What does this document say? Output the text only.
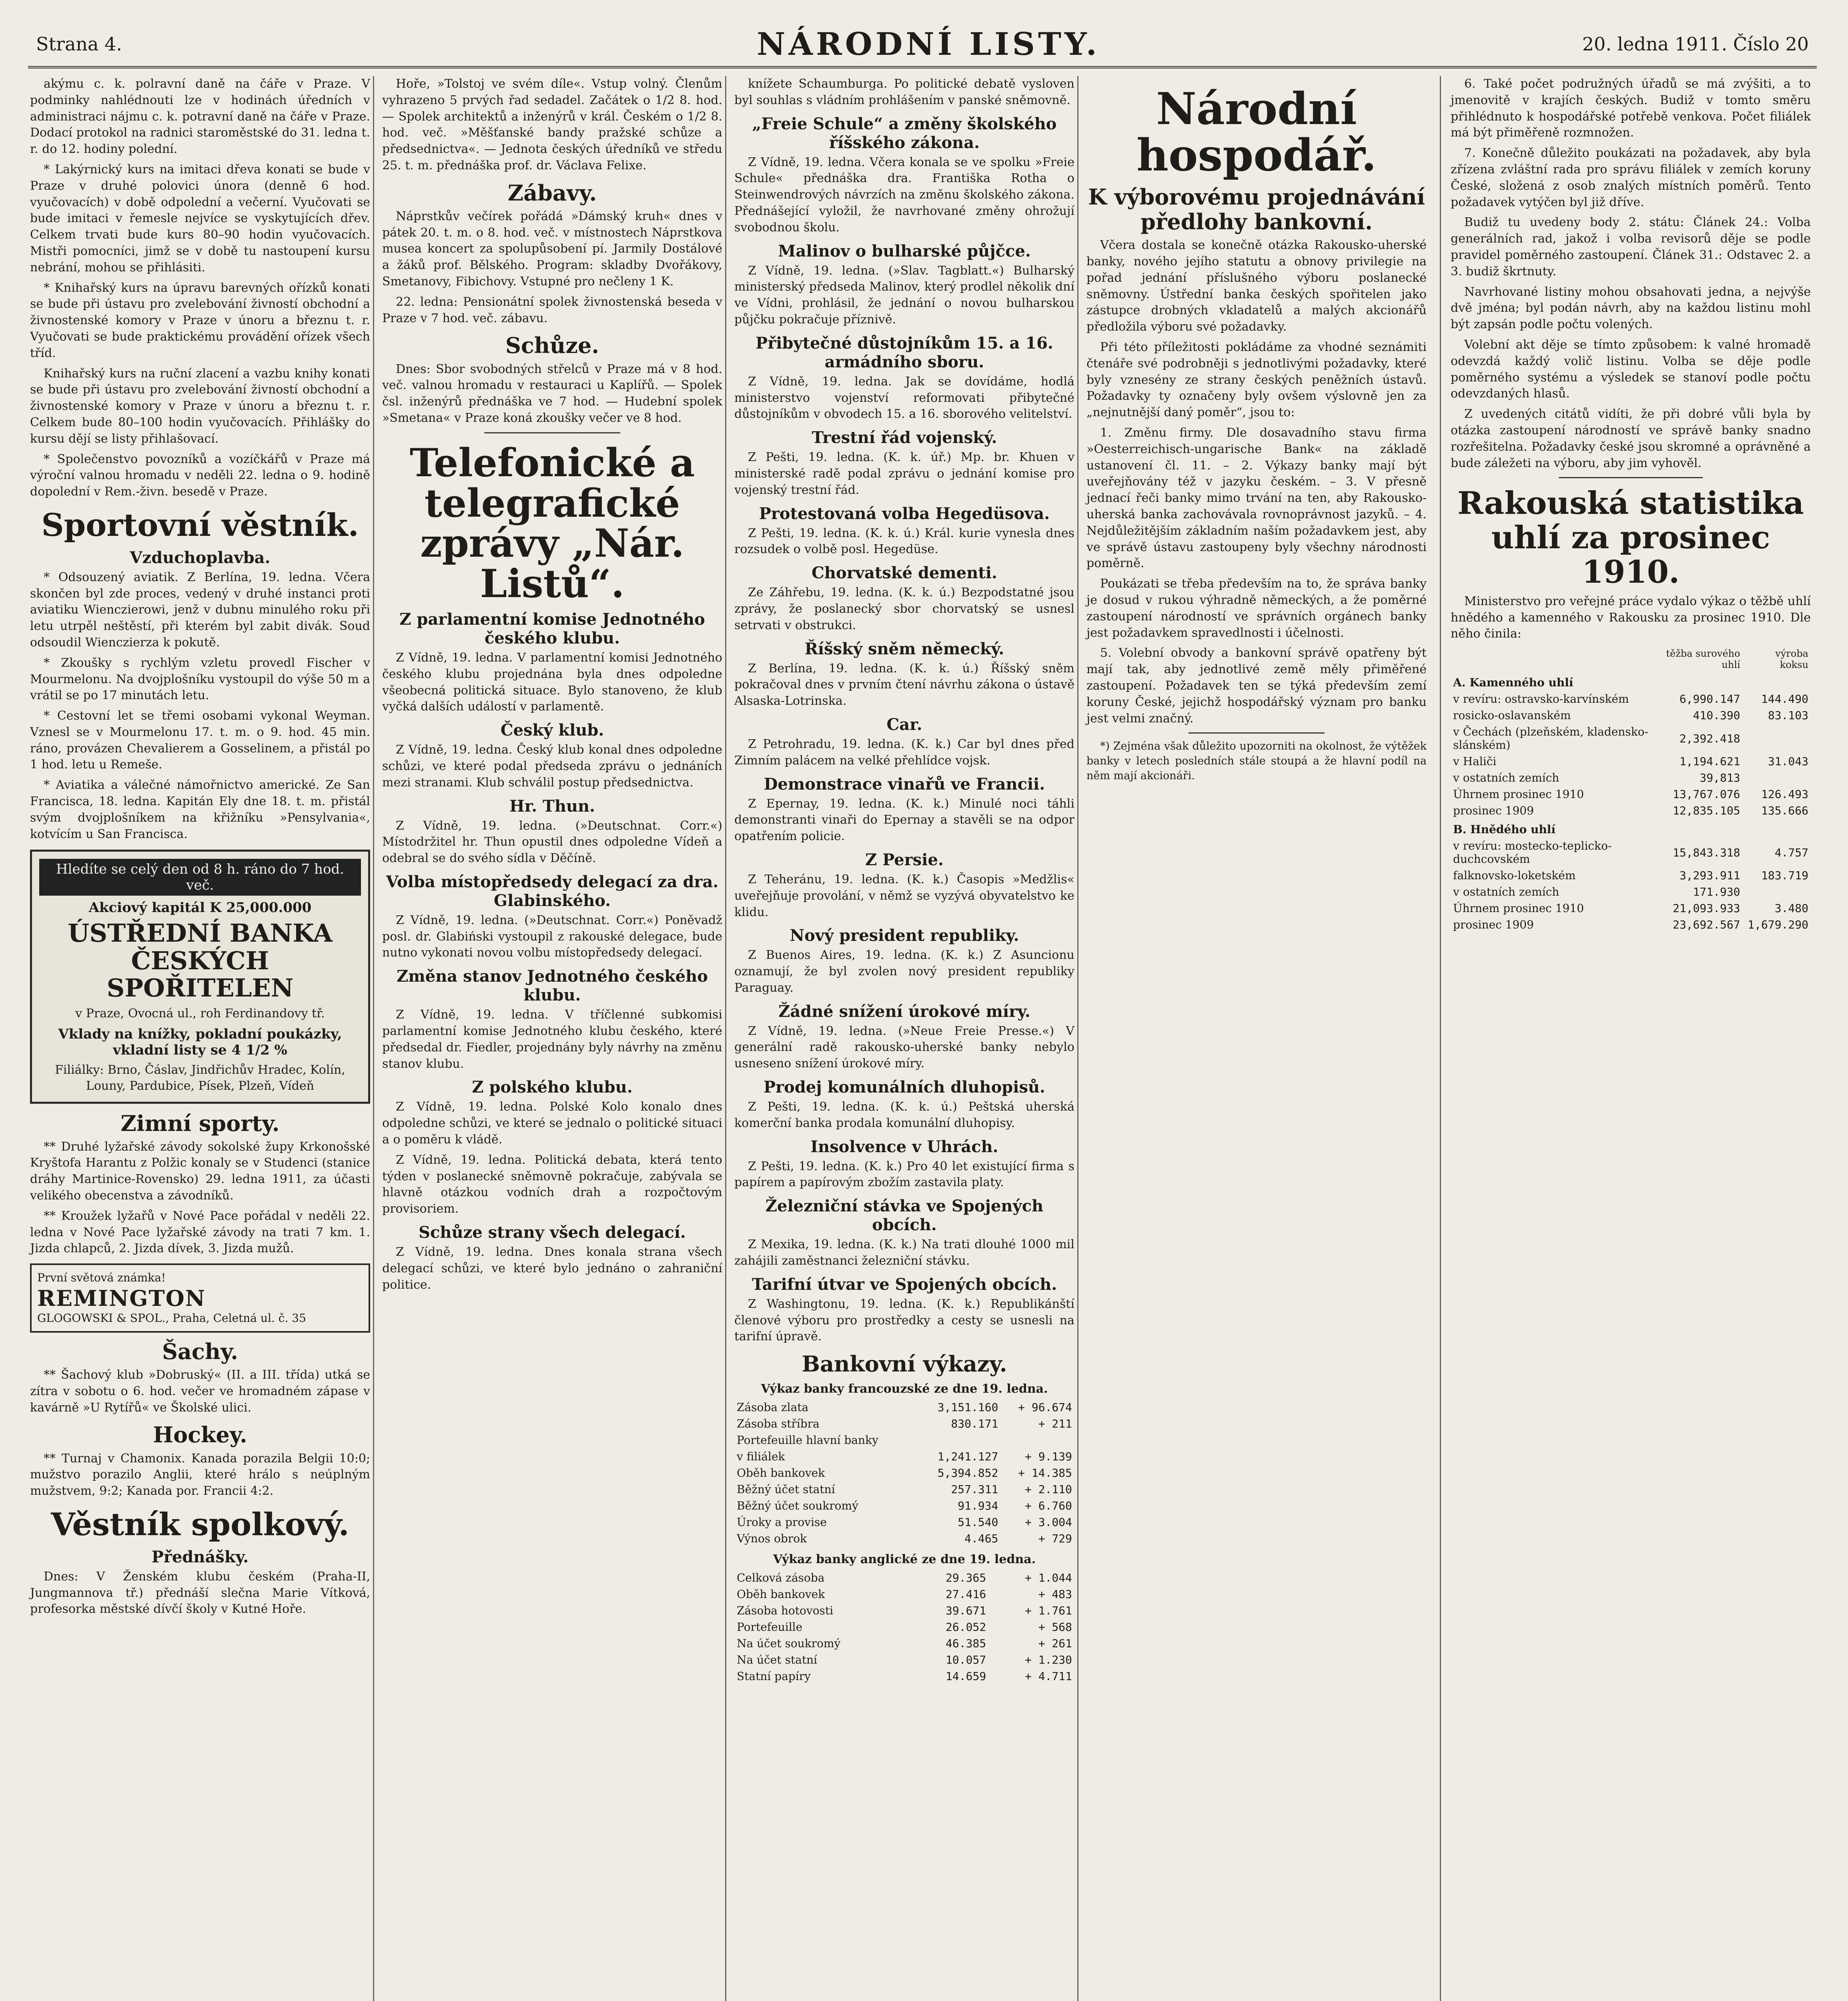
Strana 4.	NÁRODNÍ LISTY.	20. ledna 1911. Číslo 20

akýmu c. k. polravní daně na čáře v Praze. V podminky nahlédnouti lze v hodinách úředních v administraci nájmu c. k. potravní daně na čáře v Praze. Dodací protokol na radnici staroměstské do 31. ledna t. r. do 12. hodiny polední.

* Lakýrnický kurs na imitaci dřeva konati se bude v Praze v druhé polovici února (denně 6 hod. vyučovacích) v době odpolední a večerní. Vyučovati se bude imitaci v řemesle nejvíce se vyskytujících dřev. Celkem trvati bude kurs 80–90 hodin vyučovacích. Mistři pomocníci, jimž se v době tu nastoupení kursu nebrání, mohou se přihlásiti.

* Knihařský kurs na úpravu barevných ořízků konati se bude při ústavu pro zvelebování živností obchodní a živnostenské komory v Praze v únoru a březnu t. r. Vyučovati se bude praktickému provádění ořízek všech tříd.

Knihařský kurs na ruční zlacení a vazbu knihy konati se bude při ústavu pro zvelebování živností obchodní a živnostenské komory v Praze v únoru a březnu t. r. Celkem bude 80–100 hodin vyučovacích. Přihlášky do kursu dějí se listy přihlašovací.

* Společenstvo povozníků a vozíčkářů v Praze má výroční valnou hromadu v neděli 22. ledna o 9. hodině dopolední v Rem.-živn. besedě v Praze.

Sportovní věstník.
Vzduchoplavba.

* Odsouzený aviatik. Z Berlína, 19. ledna. Včera skončen byl zde proces, vedený v druhé instanci proti aviatiku Wienczierowi, jenž v dubnu minulého roku při letu utrpěl neštěstí, při kterém byl zabit divák. Soud odsoudil Wienczierza k pokutě.

* Zkoušky s rychlým vzletu provedl Fischer v Mourmelonu. Na dvojplošníku vystoupil do výše 50 m a vrátil se po 17 minutách letu.

* Cestovní let se třemi osobami vykonal Weyman. Vznesl se v Mourmelonu 17. t. m. o 9. hod. 45 min. ráno, provázen Chevalierem a Gosselinem, a přistál po 1 hod. letu u Remeše.

* Aviatika a válečné námořnictvo americké. Ze San Francisca, 18. ledna. Kapitán Ely dne 18. t. m. přistál svým dvojplošníkem na křižníku »Pensylvania«, kotvícím u San Francisca.

Hledíte se celý den od 8 h. ráno do 7 hod. več.
Akciový kapitál K 25,000.000
ÚSTŘEDNÍ BANKA ČESKÝCH SPOŘITELEN
v Praze, Ovocná ul., roh Ferdinandovy tř.
Vklady na knížky, pokladní poukázky, vkladní listy se 4 1/2 %
Filiálky: Brno, Čáslav, Jindřichův Hradec, Kolín, Louny, Pardubice, Písek, Plzeň, Vídeň
Zimní sporty.

** Druhé lyžařské závody sokolské župy Krkonošské Kryštofa Harantu z Polžic konaly se v Studenci (stanice dráhy Martinice-Rovensko) 29. ledna 1911, za účasti velikého obecenstva a závodníků.

** Kroužek lyžařů v Nové Pace pořádal v neděli 22. ledna v Nové Pace lyžařské závody na trati 7 km. 1. Jizda chlapců, 2. Jizda dívek, 3. Jizda mužů.

První světová známka!
REMINGTON
GLOGOWSKI & SPOL., Praha, Celetná ul. č. 35
Šachy.

** Šachový klub »Dobruský« (II. a III. třída) utká se zítra v sobotu o 6. hod. večer ve hromadném zápase v kavárně »U Rytířů« ve Školské ulici.

Hockey.

** Turnaj v Chamonix. Kanada porazila Belgii 10:0; mužstvo porazilo Anglii, které hrálo s neúplným mužstvem, 9:2; Kanada por. Francii 4:2.

Věstník spolkový.
Přednášky.

Dnes: V Ženském klubu českém (Praha-II, Jungmannova tř.) přednáší slečna Marie Vítková, profesorka městské dívčí školy v Kutné Hoře.

Hoře, »Tolstoj ve svém díle«. Vstup volný. Členům vyhrazeno 5 prvých řad sedadel. Začátek o 1/2 8. hod. — Spolek architektů a inženýrů v král. Českém o 1/2 8. hod. več. »Měšťanské bandy pražské schůze a předsednictva«. — Jednota českých úředníků ve středu 25. t. m. přednáška prof. dr. Václava Felixe.

Zábavy.

Náprstkův večírek pořádá »Dámský kruh« dnes v pátek 20. t. m. o 8. hod. več. v místnostech Náprstkova musea koncert za spolupůsobení pí. Jarmily Dostálové a žáků prof. Bělského. Program: skladby Dvořákovy, Smetanovy, Fibichovy. Vstupné pro nečleny 1 K.

22. ledna: Pensionátní spolek živnostenská beseda v Praze v 7 hod. več. zábavu.

Schůze.

Dnes: Sbor svobodných střelců v Praze má v 8 hod. več. valnou hromadu v restauraci u Kaplířů. — Spolek čsl. inženýrů přednáška ve 7 hod. — Hudební spolek »Smetana« v Praze koná zkoušky večer ve 8 hod.

Telefonické a telegrafické zprávy „Nár. Listů“.
Z parlamentní komise Jednotného českého klubu.

Z Vídně, 19. ledna. V parlamentní komisi Jednotného českého klubu projednána byla dnes odpoledne všeobecná politická situace. Bylo stanoveno, že klub vyčká dalších událostí v parlamentě.

Český klub.

Z Vídně, 19. ledna. Český klub konal dnes odpoledne schůzi, ve které podal předseda zprávu o jednáních mezi stranami. Klub schválil postup předsednictva.

Hr. Thun.

Z Vídně, 19. ledna. (»Deutschnat. Corr.«) Místodržitel hr. Thun opustil dnes odpoledne Vídeň a odebral se do svého sídla v Děčíně.

Volba místopředsedy delegací za dra. Glabinského.

Z Vídně, 19. ledna. (»Deutschnat. Corr.«) Poněvadž posl. dr. Glabiński vystoupil z rakouské delegace, bude nutno vykonati novou volbu místopředsedy delegací.

Změna stanov Jednotného českého klubu.

Z Vídně, 19. ledna. V tříčlenné subkomisi parlamentní komise Jednotného klubu českého, které předsedal dr. Fiedler, projednány byly návrhy na změnu stanov klubu.

Z polského klubu.

Z Vídně, 19. ledna. Polské Kolo konalo dnes odpoledne schůzi, ve které se jednalo o politické situaci a o poměru k vládě.

Z Vídně, 19. ledna. Politická debata, která tento týden v poslanecké sněmovně pokračuje, zabývala se hlavně otázkou vodních drah a rozpočtovým provisoriem.

Schůze strany všech delegací.

Z Vídně, 19. ledna. Dnes konala strana všech delegací schůzi, ve které bylo jednáno o zahraniční politice.

knížete Schaumburga. Po politické debatě vysloven byl souhlas s vládním prohlášením v panské sněmovně.

„Freie Schule“ a změny školského říšského zákona.

Z Vídně, 19. ledna. Včera konala se ve spolku »Freie Schule« přednáška dra. Františka Rotha o Steinwendrových návrzích na změnu školského zákona. Přednášející vyložil, že navrhované změny ohrožují svobodnou školu.

Malinov o bulharské půjčce.

Z Vídně, 19. ledna. (»Slav. Tagblatt.«) Bulharský ministerský předseda Malinov, který prodlel několik dní ve Vídni, prohlásil, že jednání o novou bulharskou půjčku pokračuje příznivě.

Přibytečné důstojníkům 15. a 16. armádního sboru.

Z Vídně, 19. ledna. Jak se dovídáme, hodlá ministerstvo vojenství reformovati přibytečné důstojníkům v obvodech 15. a 16. sborového velitelství.

Trestní řád vojenský.

Z Pešti, 19. ledna. (K. k. úř.) Mp. br. Khuen v ministerské radě podal zprávu o jednání komise pro vojenský trestní řád.

Protestovaná volba Hegedüsova.

Z Pešti, 19. ledna. (K. k. ú.) Král. kurie vynesla dnes rozsudek o volbě posl. Hegedüse.

Chorvatské dementi.

Ze Záhřebu, 19. ledna. (K. k. ú.) Bezpodstatné jsou zprávy, že poslanecký sbor chorvatský se usnesl setrvati v obstrukci.

Říšský sněm německý.

Z Berlína, 19. ledna. (K. k. ú.) Říšský sněm pokračoval dnes v prvním čtení návrhu zákona o ústavě Alsaska-Lotrinska.

Car.

Z Petrohradu, 19. ledna. (K. k.) Car byl dnes před Zimním palácem na velké přehlídce vojsk.

Demonstrace vinařů ve Francii.

Z Epernay, 19. ledna. (K. k.) Minulé noci táhli demonstranti vinaři do Epernay a stavěli se na odpor opatřením policie.

Z Persie.

Z Teheránu, 19. ledna. (K. k.) Časopis »Medžlis« uveřejňuje provolání, v němž se vyzývá obyvatelstvo ke klidu.

Nový president republiky.

Z Buenos Aires, 19. ledna. (K. k.) Z Asuncionu oznamují, že byl zvolen nový president republiky Paraguay.

Žádné snížení úrokové míry.

Z Vídně, 19. ledna. (»Neue Freie Presse.«) V generální radě rakousko-uherské banky nebylo usneseno snížení úrokové míry.

Prodej komunálních dluhopisů.

Z Pešti, 19. ledna. (K. k. ú.) Peštská uherská komerční banka prodala komunální dluhopisy.

Insolvence v Uhrách.

Z Pešti, 19. ledna. (K. k.) Pro 40 let existující firma s papírem a papírovým zbožím zastavila platy.

Železniční stávka ve Spojených obcích.

Z Mexika, 19. ledna. (K. k.) Na trati dlouhé 1000 mil zahájili zaměstnanci železniční stávku.

Tarifní útvar ve Spojených obcích.

Z Washingtonu, 19. ledna. (K. k.) Republikánští členové výboru pro prostředky a cesty se usnesli na tarifní úpravě.

Bankovní výkazy.
Výkaz banky francouzské ze dne 19. ledna.
Zásoba zlata	3,151.160	+ 96.674
Zásoba stříbra	830.171	+ 211
Portefeuille hlavní banky		
v filiálek	1,241.127	+ 9.139
Oběh bankovek	5,394.852	+ 14.385
Běžný účet statní	257.311	+ 2.110
Běžný účet soukromý	91.934	+ 6.760
Úroky a provise	51.540	+ 3.004
Výnos obrok	4.465	+ 729
Výkaz banky anglické ze dne 19. ledna.
Celková zásoba	29.365	+ 1.044
Oběh bankovek	27.416	+ 483
Zásoba hotovosti	39.671	+ 1.761
Portefeuille	26.052	+ 568
Na účet soukromý	46.385	+ 261
Na účet statní	10.057	+ 1.230
Statní papíry	14.659	+ 4.711
Národní hospodář.
K výborovému projednávání předlohy bankovní.

Včera dostala se konečně otázka Rakousko-uherské banky, nového jejího statutu a obnovy privilegie na pořad jednání příslušného výboru poslanecké sněmovny. Ústřední banka českých spořitelen jako zástupce drobných vkladatelů a malých akcionářů předložila výboru své požadavky.

Při této příležitosti pokládáme za vhodné seznámiti čtenáře své podrobněji s jednotlivými požadavky, které byly vznesény ze strany českých peněžních ústavů. Požadavky ty označeny byly ovšem výslovně jen za „nejnutnější daný poměr“, jsou to:

1. Změnu firmy. Dle dosavadního stavu firma »Oesterreichisch-ungarische Bank« na základě ustanovení čl. 11. – 2. Výkazy banky mají být uveřejňovány též v jazyku českém. – 3. V přesně jednací řeči banky mimo trvání na ten, aby Rakousko-uherská banka zachovávala rovnoprávnost jazyků. – 4. Nejdůležitějším základním naším požadavkem jest, aby ve správě ústavu zastoupeny byly všechny národnosti poměrně.

Poukázati se třeba především na to, že správa banky je dosud v rukou výhradně německých, a že poměrné zastoupení národností ve správních orgánech banky jest požadavkem spravedlnosti i účelnosti.

5. Volební obvody a bankovní správě opatřeny být mají tak, aby jednotlivé země měly přiměřené zastoupení. Požadavek ten se týká především zemí koruny České, jejichž hospodářský význam pro banku jest velmi značný.

*) Zejména však důležito upozorniti na okolnost, že výtěžek banky v letech posledních stále stoupá a že hlavní podíl na něm mají akcionáři.

6. Také počet podružných úřadů se má zvýšiti, a to jmenovitě v krajích českých. Budiž v tomto směru přihlédnuto k hospodářské potřebě venkova. Počet filiálek má být přiměřeně rozmnožen.

7. Konečně důležito poukázati na požadavek, aby byla zřízena zvláštní rada pro správu filiálek v zemích koruny České, složená z osob znalých místních poměrů. Tento požadavek vytýčen byl již dříve.

Budiž tu uvedeny body 2. státu: Článek 24.: Volba generálních rad, jakož i volba revisorů děje se podle pravidel poměrného zastoupení. Článek 31.: Odstavec 2. a 3. budiž škrtnuty.

Navrhované listiny mohou obsahovati jedna, a nejvýše dvě jména; byl podán návrh, aby na každou listinu mohl být zapsán podle počtu volených.

Volební akt děje se tímto způsobem: k valné hromadě odevzdá každý volič listinu. Volba se děje podle poměrného systému a výsledek se stanoví podle počtu odevzdaných hlasů.

Z uvedených citátů vidíti, že při dobré vůli byla by otázka zastoupení národností ve správě banky snadno rozřešitelna. Požadavky české jsou skromné a oprávněné a bude záležeti na výboru, aby jim vyhověl.

Rakouská statistika uhlí za prosinec 1910.

Ministerstvo pro veřejné práce vydalo výkaz o těžbě uhlí hnědého a kamenného v Rakousku za prosinec 1910. Dle něho činila:

	těžba surového uhlí	výroba koksu
A. Kamenného uhlí		
v revíru: ostravsko-karvínském	6,990.147	144.490
rosicko-oslavanském	410.390	83.103
v Čechách (plzeňském, kladensko-slánském)	2,392.418	
v Haliči	1,194.621	31.043
v ostatních zemích	39,813	
Úhrnem prosinec 1910	13,767.076	126.493
prosinec 1909	12,835.105	135.666
B. Hnědého uhlí		
v revíru: mostecko-teplicko-duchcovském	15,843.318	4.757
falknovsko-loketském	3,293.911	183.719
v ostatních zemích	171.930	
Úhrnem prosinec 1910	21,093.933	3.480
prosinec 1909	23,692.567	1,679.290
